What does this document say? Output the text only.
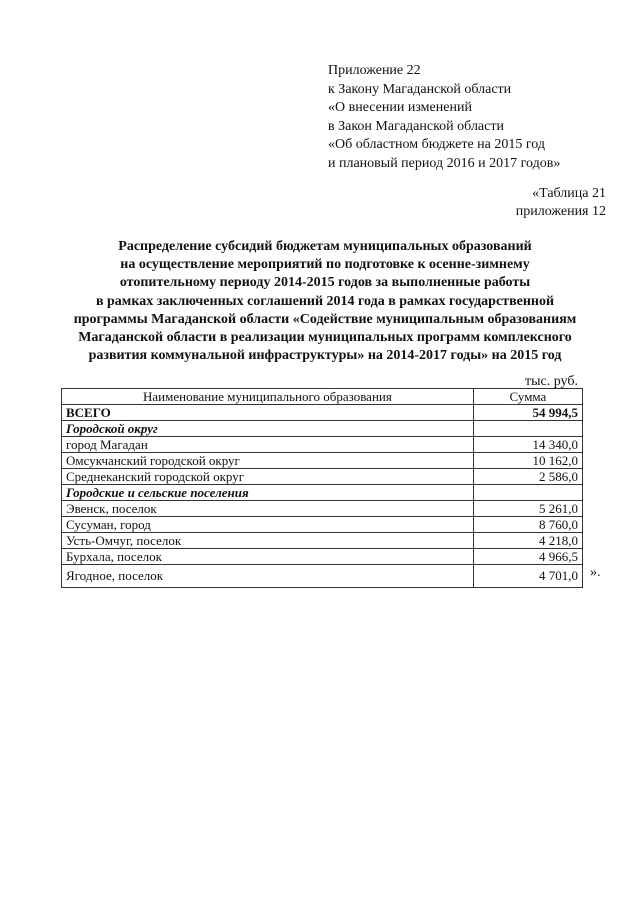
Приложение 22
к Закону Магаданской области
«О внесении изменений
в Закон Магаданской области
«Об областном бюджете на 2015 год
и плановый период 2016 и 2017 годов»
«Таблица 21
приложения 12
Распределение субсидий бюджетам муниципальных образований
на осуществление мероприятий по подготовке к осенне-зимнему
отопительному периоду 2014-2015 годов за выполненные работы
в рамках заключенных соглашений 2014 года в рамках государственной
программы Магаданской области «Содействие муниципальным образованиям
Магаданской области в реализации муниципальных программ комплексного
развития коммунальной инфраструктуры» на 2014-2017 годы» на 2015 год
тыс. руб.
Наименование муниципального образования	Сумма
ВСЕГО	54 994,5
Городской округ	
город Магадан	14 340,0
Омсукчанский городской округ	10 162,0
Среднеканский городской округ	2 586,0
Городские и сельские поселения	
Эвенск, поселок	5 261,0
Сусуман, город	8 760,0
Усть-Омчуг, поселок	4 218,0
Бурхала, поселок	4 966,5
Ягодное, поселок	4 701,0 ».
